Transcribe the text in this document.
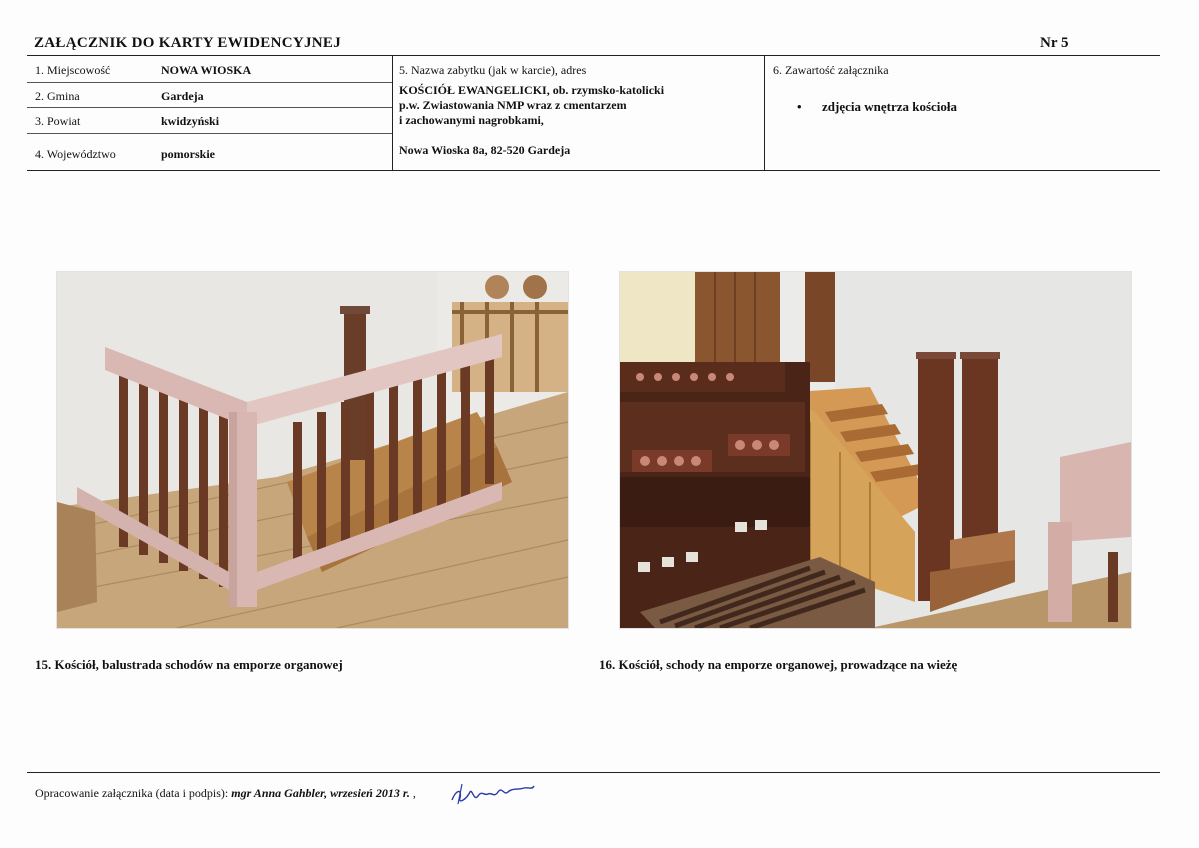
ZAŁĄCZNIK DO KARTY EWIDENCYJNEJ	Nr 5
1. Miejscowość	NOWA WIOSKA
2. Gmina	Gardeja
3. Powiat	kwidzyński
4. Województwo	pomorskie
5. Nazwa zabytku (jak w karcie), adres
KOŚCIÓŁ EWANGELICKI, ob. rzymsko-katolicki
p.w. Zwiastowania NMP wraz z cmentarzem
i zachowanymi nagrobkami,
Nowa Wioska 8a, 82-520 Gardeja
6. Zawartość załącznika
• zdjęcia wnętrza kościoła
15. Kościół, balustrada schodów na emporze organowej	16. Kościół, schody na emporze organowej, prowadzące na wieżę
Opracowanie załącznika (data i podpis): mgr Anna Gahbler, wrzesień 2013 r. ,
